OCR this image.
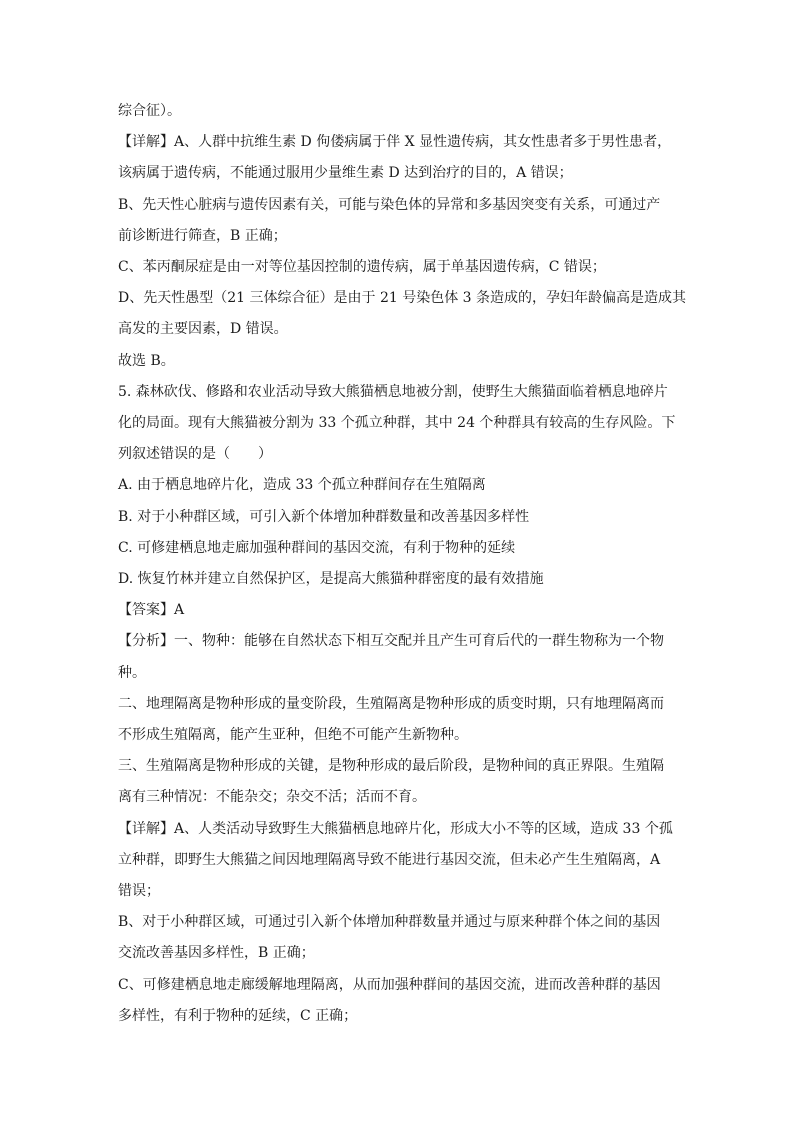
综合征）。

【详解】A、人群中抗维生素 D 佝偻病属于伴 X 显性遗传病，其女性患者多于男性患者，

该病属于遗传病，不能通过服用少量维生素 D 达到治疗的目的，A 错误；

B、先天性心脏病与遗传因素有关，可能与染色体的异常和多基因突变有关系，可通过产

前诊断进行筛查，B 正确；

C、苯丙酮尿症是由一对等位基因控制的遗传病，属于单基因遗传病，C 错误；

D、先天性愚型（21 三体综合征）是由于 21 号染色体 3 条造成的，孕妇年龄偏高是造成其

高发的主要因素，D 错误。

故选 B。

5. 森林砍伐、修路和农业活动导致大熊猫栖息地被分割，使野生大熊猫面临着栖息地碎片

化的局面。现有大熊猫被分割为 33 个孤立种群，其中 24 个种群具有较高的生存风险。下

列叙述错误的是（　　）

A. 由于栖息地碎片化，造成 33 个孤立种群间存在生殖隔离

B. 对于小种群区域，可引入新个体增加种群数量和改善基因多样性

C. 可修建栖息地走廊加强种群间的基因交流，有利于物种的延续

D. 恢复竹林并建立自然保护区，是提高大熊猫种群密度的最有效措施

【答案】A

【分析】一、物种：能够在自然状态下相互交配并且产生可育后代的一群生物称为一个物

种。

二、地理隔离是物种形成的量变阶段，生殖隔离是物种形成的质变时期，只有地理隔离而

不形成生殖隔离，能产生亚种，但绝不可能产生新物种。

三、生殖隔离是物种形成的关键，是物种形成的最后阶段，是物种间的真正界限。生殖隔

离有三种情况：不能杂交；杂交不活；活而不育。

【详解】A、人类活动导致野生大熊猫栖息地碎片化，形成大小不等的区域，造成 33 个孤

立种群，即野生大熊猫之间因地理隔离导致不能进行基因交流，但未必产生生殖隔离，A

错误；

B、对于小种群区域，可通过引入新个体增加种群数量并通过与原来种群个体之间的基因

交流改善基因多样性，B 正确；

C、可修建栖息地走廊缓解地理隔离，从而加强种群间的基因交流，进而改善种群的基因

多样性，有利于物种的延续，C 正确；
